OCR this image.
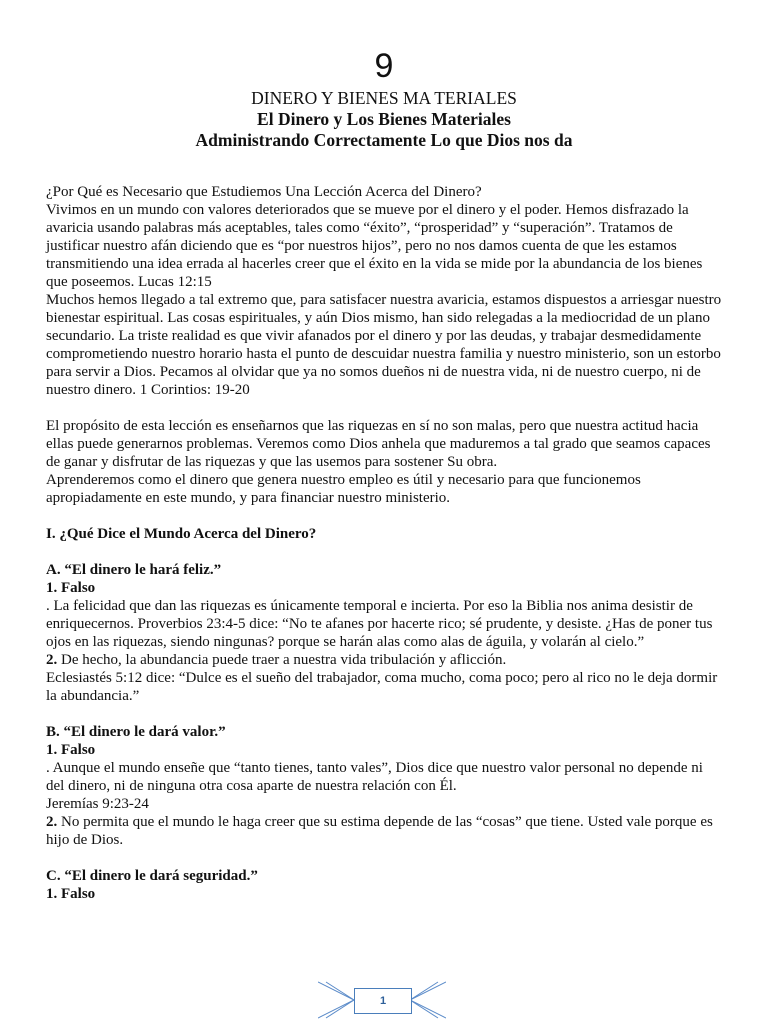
9
DINERO Y BIENES MA TERIALES
El Dinero y Los Bienes Materiales
Administrando Correctamente Lo que Dios nos da

¿Por Qué es Necesario que Estudiemos Una Lección Acerca del Dinero?

Vivimos en un mundo con valores deteriorados que se mueve por el dinero y el poder. Hemos disfrazado la avaricia usando palabras más aceptables, tales como “éxito”, “prosperidad” y “superación”. Tratamos de justificar nuestro afán diciendo que es “por nuestros hijos”, pero no nos damos cuenta de que les estamos transmitiendo una idea errada al hacerles creer que el éxito en la vida se mide por la abundancia de los bienes que poseemos. Lucas 12:15

Muchos hemos llegado a tal extremo que, para satisfacer nuestra avaricia, estamos dispuestos a arriesgar nuestro bienestar espiritual. Las cosas espirituales, y aún Dios mismo, han sido relegadas a la mediocridad de un plano secundario. La triste realidad es que vivir afanados por el dinero y por las deudas, y trabajar desmedidamente comprometiendo nuestro horario hasta el punto de descuidar nuestra familia y nuestro ministerio, son un estorbo para servir a Dios. Pecamos al olvidar que ya no somos dueños ni de nuestra vida, ni de nuestro cuerpo, ni de nuestro dinero. 1 Corintios: 19-20

El propósito de esta lección es enseñarnos que las riquezas en sí no son malas, pero que nuestra actitud hacia ellas puede generarnos problemas. Veremos como Dios anhela que maduremos a tal grado que seamos capaces de ganar y disfrutar de las riquezas y que las usemos para sostener Su obra.

Aprenderemos como el dinero que genera nuestro empleo es útil y necesario para que funcionemos apropiadamente en este mundo, y para financiar nuestro ministerio.

I. ¿Qué Dice el Mundo Acerca del Dinero?

A. “El dinero le hará feliz.”

1. Falso

. La felicidad que dan las riquezas es únicamente temporal e incierta. Por eso la Biblia nos anima desistir de enriquecernos. Proverbios 23:4-5 dice: “No te afanes por hacerte rico; sé prudente, y desiste. ¿Has de poner tus ojos en las riquezas, siendo ningunas? porque se harán alas como alas de águila, y volarán al cielo.”

2. De hecho, la abundancia puede traer a nuestra vida tribulación y aflicción.

Eclesiastés 5:12 dice: “Dulce es el sueño del trabajador, coma mucho, coma poco; pero al rico no le deja dormir la abundancia.”

B. “El dinero le dará valor.”

1. Falso

. Aunque el mundo enseñe que “tanto tienes, tanto vales”, Dios dice que nuestro valor personal no depende ni del dinero, ni de ninguna otra cosa aparte de nuestra relación con Él.

Jeremías 9:23-24

2. No permita que el mundo le haga creer que su estima depende de las “cosas” que tiene. Usted vale porque es hijo de Dios.

C. “El dinero le dará seguridad.”

1. Falso

1
